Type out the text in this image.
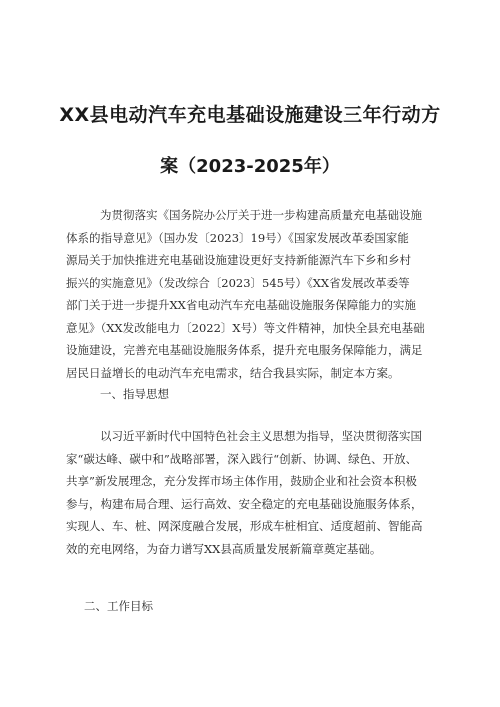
XX县电动汽车充电基础设施建设三年行动方
案（2023-2025年）
为贯彻落实《国务院办公厅关于进一步构建高质量充电基础设施
体系的指导意见》（国办发〔2023〕19号）《国家发展改革委国家能
源局关于加快推进充电基础设施建设更好支持新能源汽车下乡和乡村
振兴的实施意见》（发改综合〔2023〕545号）《XX省发展改革委等
部门关于进一步提升XX省电动汽车充电基础设施服务保障能力的实施
意见》（XX发改能电力〔2022〕X号）等文件精神，加快全县充电基础
设施建设，完善充电基础设施服务体系，提升充电服务保障能力，满足
居民日益增长的电动汽车充电需求，结合我县实际，制定本方案。
一、指导思想
以习近平新时代中国特色社会主义思想为指导，坚决贯彻落实国
家“碳达峰、碳中和”战略部署，深入践行“创新、协调、绿色、开放、
共享”新发展理念，充分发挥市场主体作用，鼓励企业和社会资本积极
参与，构建布局合理、运行高效、安全稳定的充电基础设施服务体系，
实现人、车、桩、网深度融合发展，形成车桩相宜、适度超前、智能高
效的充电网络，为奋力谱写XX县高质量发展新篇章奠定基础。
二、工作目标
